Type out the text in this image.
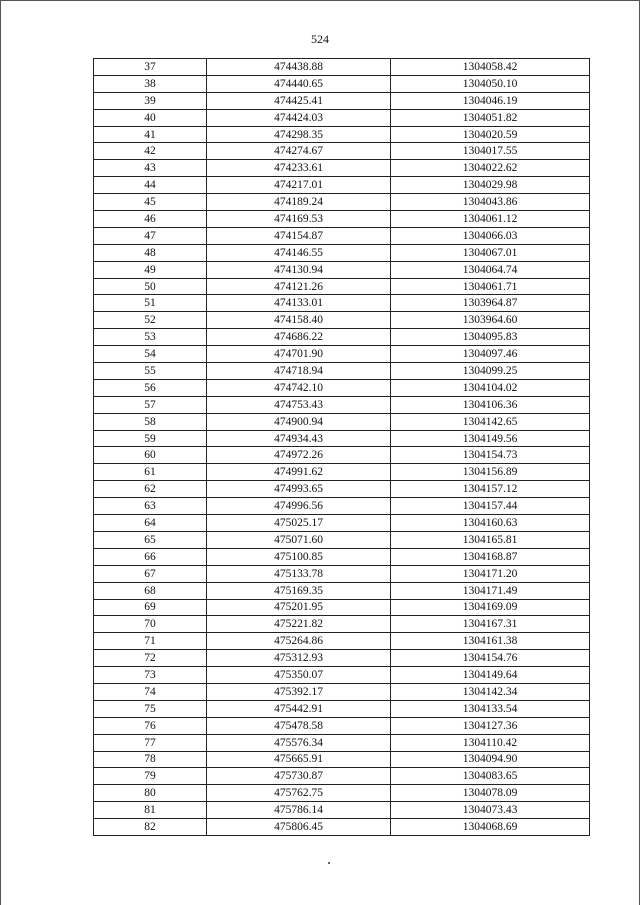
524
37	474438.88	1304058.42
38	474440.65	1304050.10
39	474425.41	1304046.19
40	474424.03	1304051.82
41	474298.35	1304020.59
42	474274.67	1304017.55
43	474233.61	1304022.62
44	474217.01	1304029.98
45	474189.24	1304043.86
46	474169.53	1304061.12
47	474154.87	1304066.03
48	474146.55	1304067.01
49	474130.94	1304064.74
50	474121.26	1304061.71
51	474133.01	1303964.87
52	474158.40	1303964.60
53	474686.22	1304095.83
54	474701.90	1304097.46
55	474718.94	1304099.25
56	474742.10	1304104.02
57	474753.43	1304106.36
58	474900.94	1304142.65
59	474934.43	1304149.56
60	474972.26	1304154.73
61	474991.62	1304156.89
62	474993.65	1304157.12
63	474996.56	1304157.44
64	475025.17	1304160.63
65	475071.60	1304165.81
66	475100.85	1304168.87
67	475133.78	1304171.20
68	475169.35	1304171.49
69	475201.95	1304169.09
70	475221.82	1304167.31
71	475264.86	1304161.38
72	475312.93	1304154.76
73	475350.07	1304149.64
74	475392.17	1304142.34
75	475442.91	1304133.54
76	475478.58	1304127.36
77	475576.34	1304110.42
78	475665.91	1304094.90
79	475730.87	1304083.65
80	475762.75	1304078.09
81	475786.14	1304073.43
82	475806.45	1304068.69
